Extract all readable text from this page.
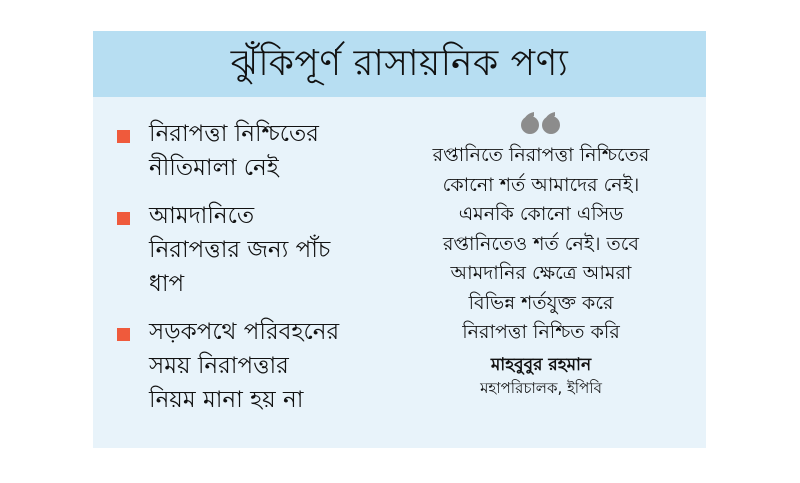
ঝুঁকিপূর্ণ রাসায়নিক পণ্য
নিরাপত্তা নিশ্চিতের
নীতিমালা নেই
আমদানিতে
নিরাপত্তার জন্য পাঁচ
ধাপ
সড়কপথে পরিবহনের
সময় নিরাপত্তার
নিয়ম মানা হয় না
রপ্তানিতে নিরাপত্তা নিশ্চিতের
কোনো শর্ত আমাদের নেই।
এমনকি কোনো এসিড
রপ্তানিতেও শর্ত নেই। তবে
আমদানির ক্ষেত্রে আমরা
বিভিন্ন শর্তযুক্ত করে
নিরাপত্তা নিশ্চিত করি
মাহবুবুর রহমান
মহাপরিচালক, ইপিবি
